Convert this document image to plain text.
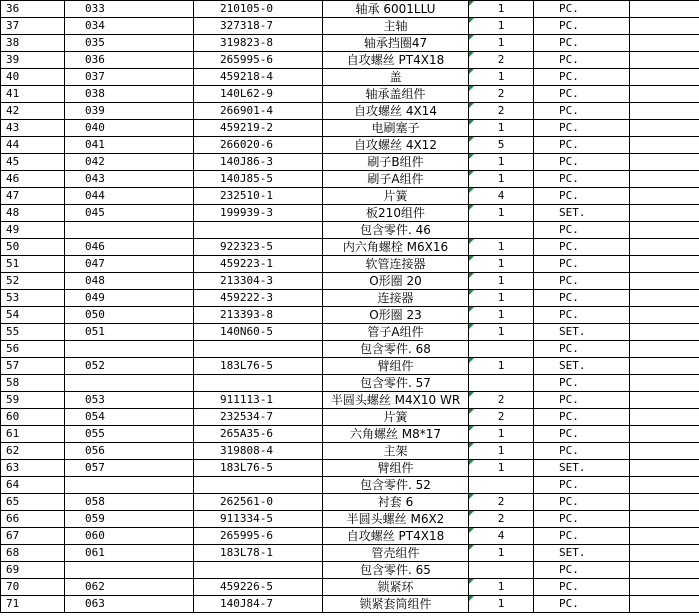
36	033	210105-0	轴承 6001LLU	1	PC.	
37	034	327318-7	主轴	1	PC.	
38	035	319823-8	轴承挡圈47	1	PC.	
39	036	265995-6	自攻螺丝 PT4X18	2	PC.	
40	037	459218-4	盖	1	PC.	
41	038	140L62-9	轴承盖组件	2	PC.	
42	039	266901-4	自攻螺丝 4X14	2	PC.	
43	040	459219-2	电刷塞子	1	PC.	
44	041	266020-6	自攻螺丝 4X12	5	PC.	
45	042	140J86-3	刷子B组件	1	PC.	
46	043	140J85-5	刷子A组件	1	PC.	
47	044	232510-1	片簧	4	PC.	
48	045	199939-3	板210组件	1	SET.	
49			包含零件. 46		PC.	
50	046	922323-5	内六角螺栓 M6X16	1	PC.	
51	047	459223-1	软管连接器	1	PC.	
52	048	213304-3	O形圈 20	1	PC.	
53	049	459222-3	连接器	1	PC.	
54	050	213393-8	O形圈 23	1	PC.	
55	051	140N60-5	管子A组件	1	SET.	
56			包含零件. 68		PC.	
57	052	183L76-5	臂组件	1	SET.	
58			包含零件. 57		PC.	
59	053	911113-1	半圆头螺丝 M4X10 WR	2	PC.	
60	054	232534-7	片簧	2	PC.	
61	055	265A35-6	六角螺丝 M8*17	1	PC.	
62	056	319808-4	主架	1	PC.	
63	057	183L76-5	臂组件	1	SET.	
64			包含零件. 52		PC.	
65	058	262561-0	衬套 6	2	PC.	
66	059	911334-5	半圆头螺丝 M6X2	2	PC.	
67	060	265995-6	自攻螺丝 PT4X18	4	PC.	
68	061	183L78-1	管壳组件	1	SET.	
69			包含零件. 65		PC.	
70	062	459226-5	锁紧环	1	PC.	
71	063	140J84-7	锁紧套筒组件	1	PC.	
